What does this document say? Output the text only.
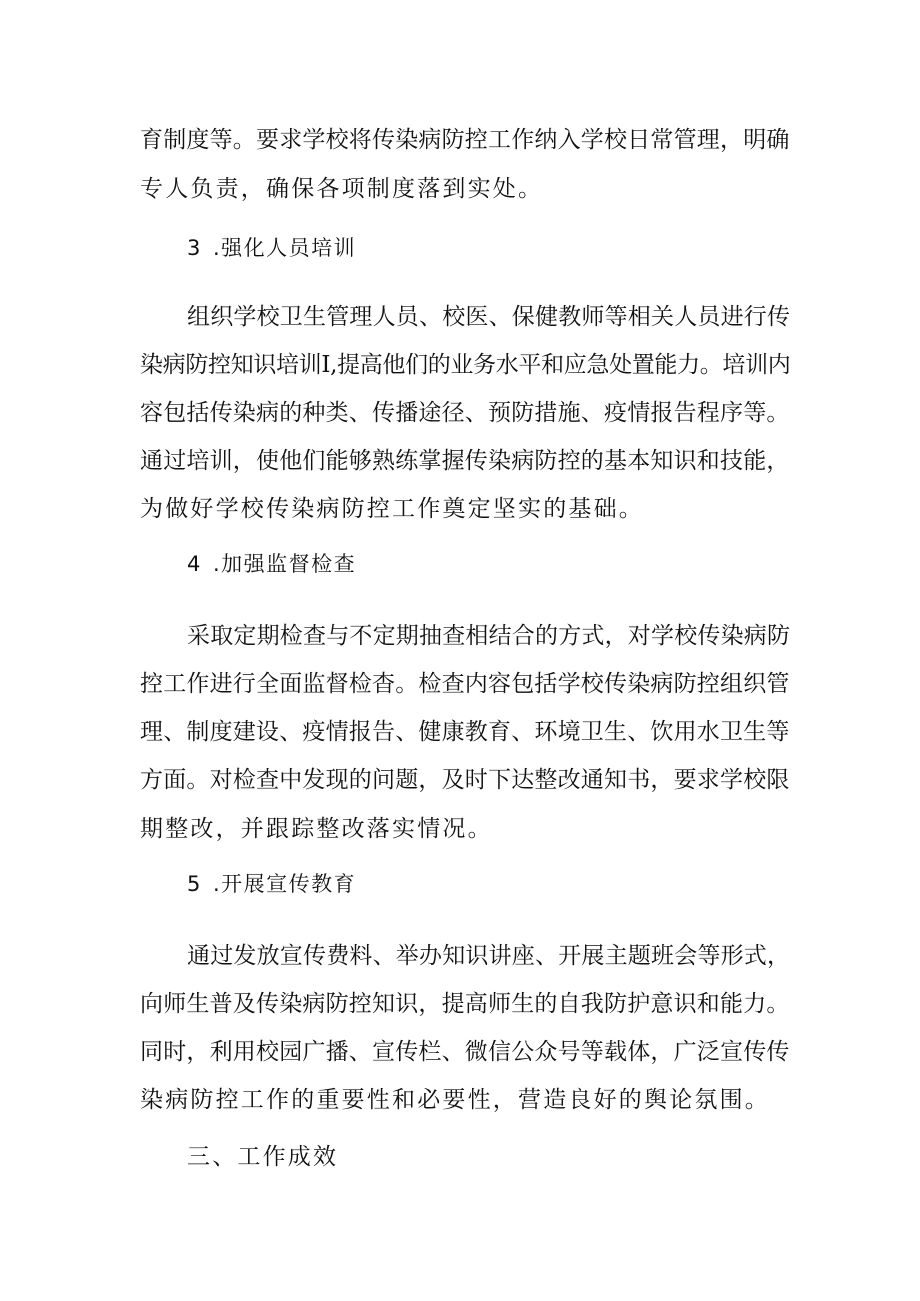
育制度等。要求学校将传染病防控工作纳入学校日常管理，明确
专人负责，确保各项制度落到实处。
3 .强化人员培训
组织学校卫生管理人员、校医、保健教师等相关人员进行传
染病防控知识培训I,提高他们的业务水平和应急处置能力。培训内
容包括传染病的种类、传播途径、预防措施、疫情报告程序等。
通过培训，使他们能够熟练掌握传染病防控的基本知识和技能，
为做好学校传染病防控工作奠定坚实的基础。
4 .加强监督检查
采取定期检查与不定期抽查相结合的方式，对学校传染病防
控工作进行全面监督检杳。检查内容包括学校传染病防控组织管
理、制度建设、疫情报告、健康教育、环境卫生、饮用水卫生等
方面。对检查中发现的问题，及时下达整改通知书，要求学校限
期整改，并跟踪整改落实情况。
5 .开展宣传教育
通过发放宣传费料、举办知识讲座、开展主题班会等形式，
向师生普及传染病防控知识，提高师生的自我防护意识和能力。
同时，利用校园广播、宣传栏、微信公众号等载体，广泛宣传传
染病防控工作的重要性和必要性，营造良好的舆论氛围。
三、工作成效
